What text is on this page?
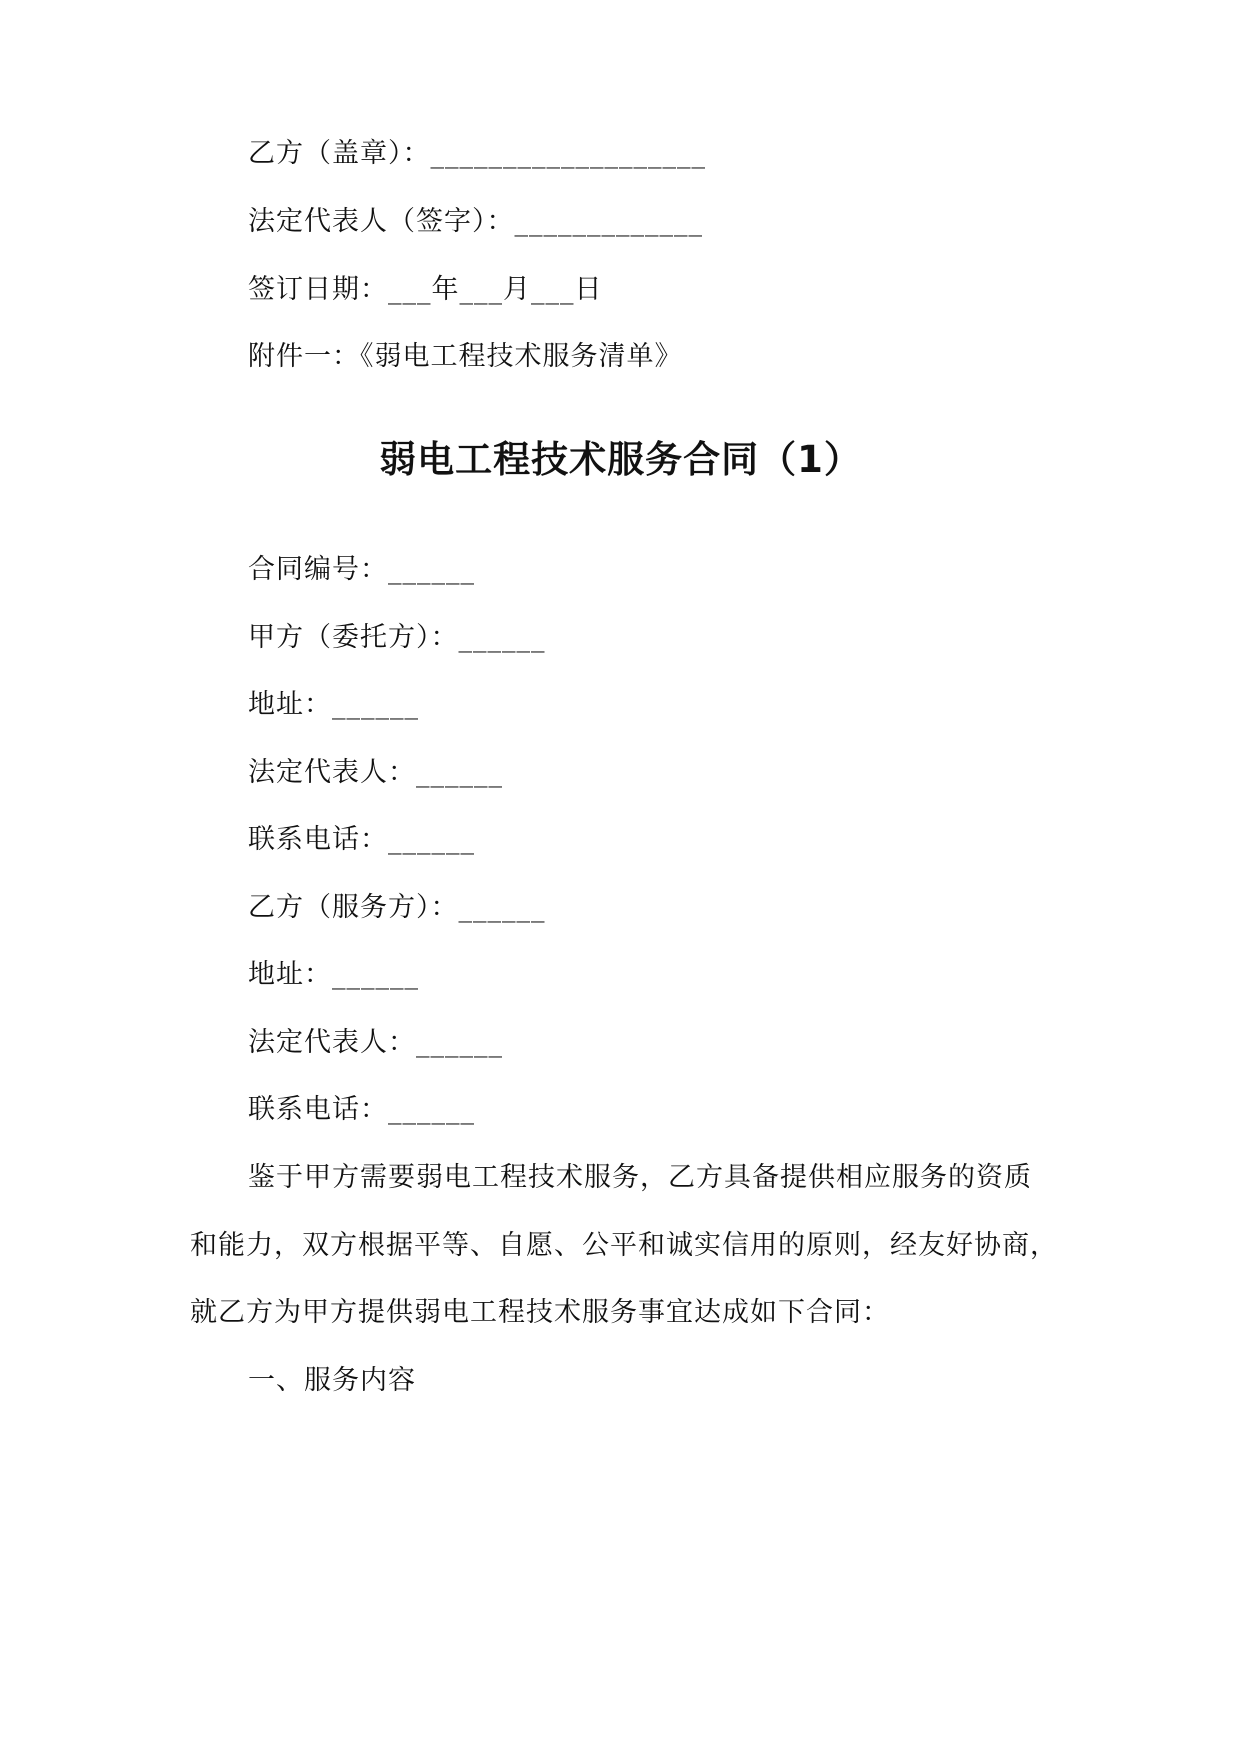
乙方（盖章）：___________________
法定代表人（签字）：_____________
签订日期：___年___月___日
附件一：《弱电工程技术服务清单》
弱电工程技术服务合同（1）
合同编号：______
甲方（委托方）：______
地址：______
法定代表人：______
联系电话：______
乙方（服务方）：______
地址：______
法定代表人：______
联系电话：______
鉴于甲方需要弱电工程技术服务，乙方具备提供相应服务的资质
和能力，双方根据平等、自愿、公平和诚实信用的原则，经友好协商，
就乙方为甲方提供弱电工程技术服务事宜达成如下合同：
一、服务内容
